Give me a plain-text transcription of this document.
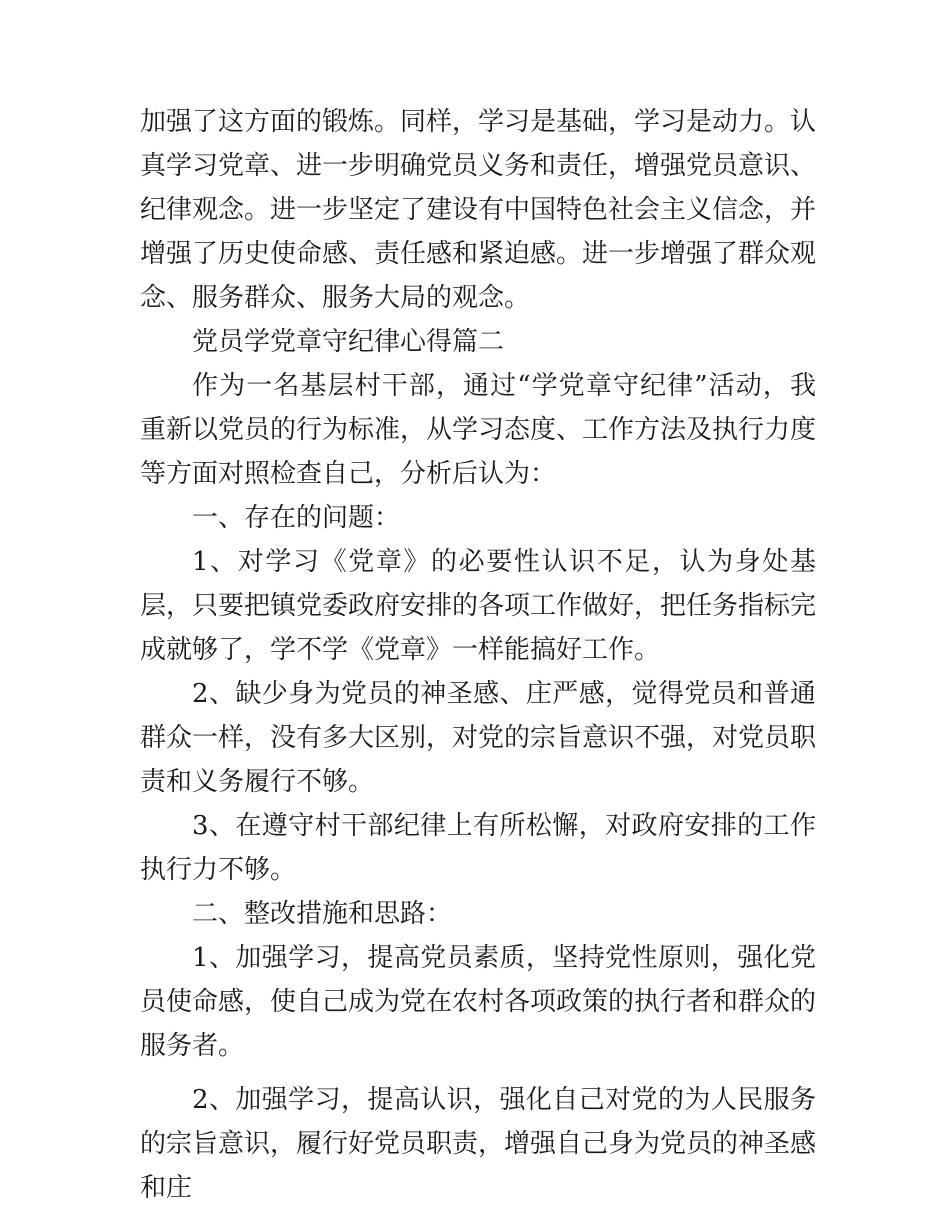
加强了这方面的锻炼。同样，学习是基础，学习是动力。认真学习党章、进一步明确党员义务和责任，增强党员意识、纪律观念。进一步坚定了建设有中国特色社会主义信念，并增强了历史使命感、责任感和紧迫感。进一步增强了群众观念、服务群众、服务大局的观念。

党员学党章守纪律心得篇二

作为一名基层村干部，通过“学党章守纪律”活动，我重新以党员的行为标准，从学习态度、工作方法及执行力度等方面对照检查自己，分析后认为：

一、存在的问题：

1、对学习《党章》的必要性认识不足，认为身处基层，只要把镇党委政府安排的各项工作做好，把任务指标完成就够了，学不学《党章》一样能搞好工作。

2、缺少身为党员的神圣感、庄严感，觉得党员和普通群众一样，没有多大区别，对党的宗旨意识不强，对党员职责和义务履行不够。

3、在遵守村干部纪律上有所松懈，对政府安排的工作执行力不够。

二、整改措施和思路：

1、加强学习，提高党员素质，坚持党性原则，强化党员使命感，使自己成为党在农村各项政策的执行者和群众的服务者。

2、加强学习，提高认识，强化自己对党的为人民服务的宗旨意识，履行好党员职责，增强自己身为党员的神圣感和庄
